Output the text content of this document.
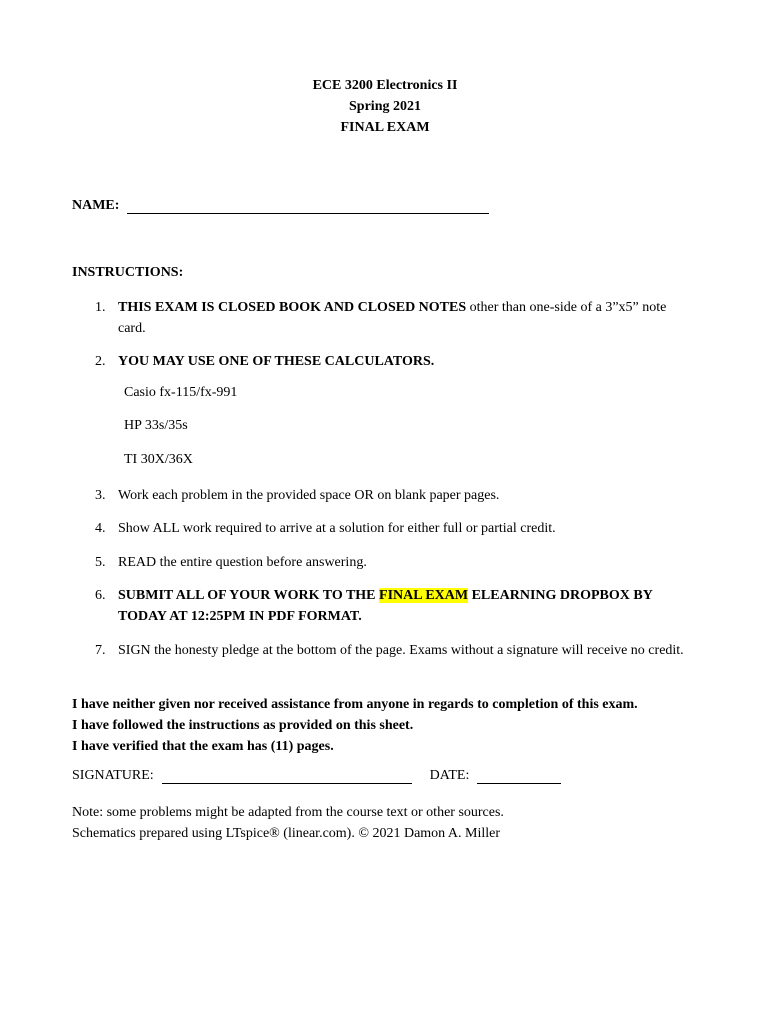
ECE 3200 Electronics II
Spring 2021
FINAL EXAM
NAME:
INSTRUCTIONS:
1. THIS EXAM IS CLOSED BOOK AND CLOSED NOTES other than one-side of a 3”x5” note card.
2. YOU MAY USE ONE OF THESE CALCULATORS.
Casio fx-115/fx-991
HP 33s/35s
TI 30X/36X
3. Work each problem in the provided space OR on blank paper pages.
4. Show ALL work required to arrive at a solution for either full or partial credit.
5. READ the entire question before answering.
6. SUBMIT ALL OF YOUR WORK TO THE FINAL EXAM ELEARNING DROPBOX BY TODAY AT 12:25PM IN PDF FORMAT.
7. SIGN the honesty pledge at the bottom of the page. Exams without a signature will receive no credit.
I have neither given nor received assistance from anyone in regards to completion of this exam.
I have followed the instructions as provided on this sheet.
I have verified that the exam has (11) pages.
SIGNATURE:	DATE:
Note: some problems might be adapted from the course text or other sources.
Schematics prepared using LTspice® (linear.com). © 2021 Damon A. Miller
